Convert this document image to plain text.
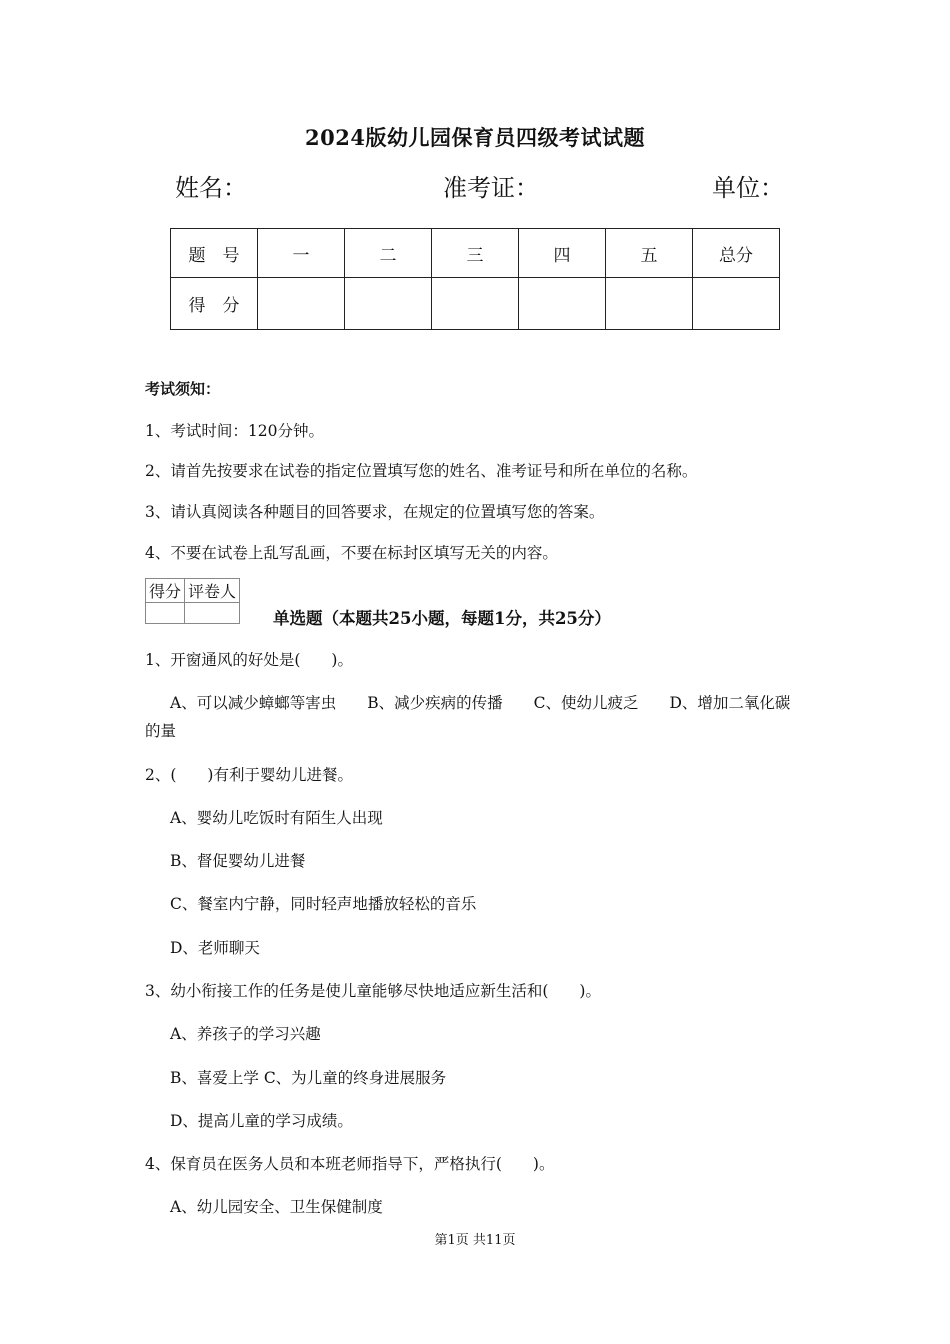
2024版幼儿园保育员四级考试试题
姓名：	准考证：	单位：
题　号	一	二	三	四	五	总分
得　分						
考试须知：
1、考试时间：120分钟。
2、请首先按要求在试卷的指定位置填写您的姓名、准考证号和所在单位的名称。
3、请认真阅读各种题目的回答要求，在规定的位置填写您的答案。
4、不要在试卷上乱写乱画，不要在标封区填写无关的内容。
得分	评卷人

单选题（本题共25小题，每题1分，共25分）
1、开窗通风的好处是(　　)。
A、可以减少蟑螂等害虫　　B、减少疾病的传播　　C、使幼儿疲乏　　D、增加二氧化碳
的量
2、(　　)有利于婴幼儿进餐。
A、婴幼儿吃饭时有陌生人出现
B、督促婴幼儿进餐
C、餐室内宁静，同时轻声地播放轻松的音乐
D、老师聊天
3、幼小衔接工作的任务是使儿童能够尽快地适应新生活和(　　)。
A、养孩子的学习兴趣
B、喜爱上学 C、为儿童的终身进展服务
D、提高儿童的学习成绩。
4、保育员在医务人员和本班老师指导下，严格执行(　　)。
A、幼儿园安全、卫生保健制度
第1页 共11页
